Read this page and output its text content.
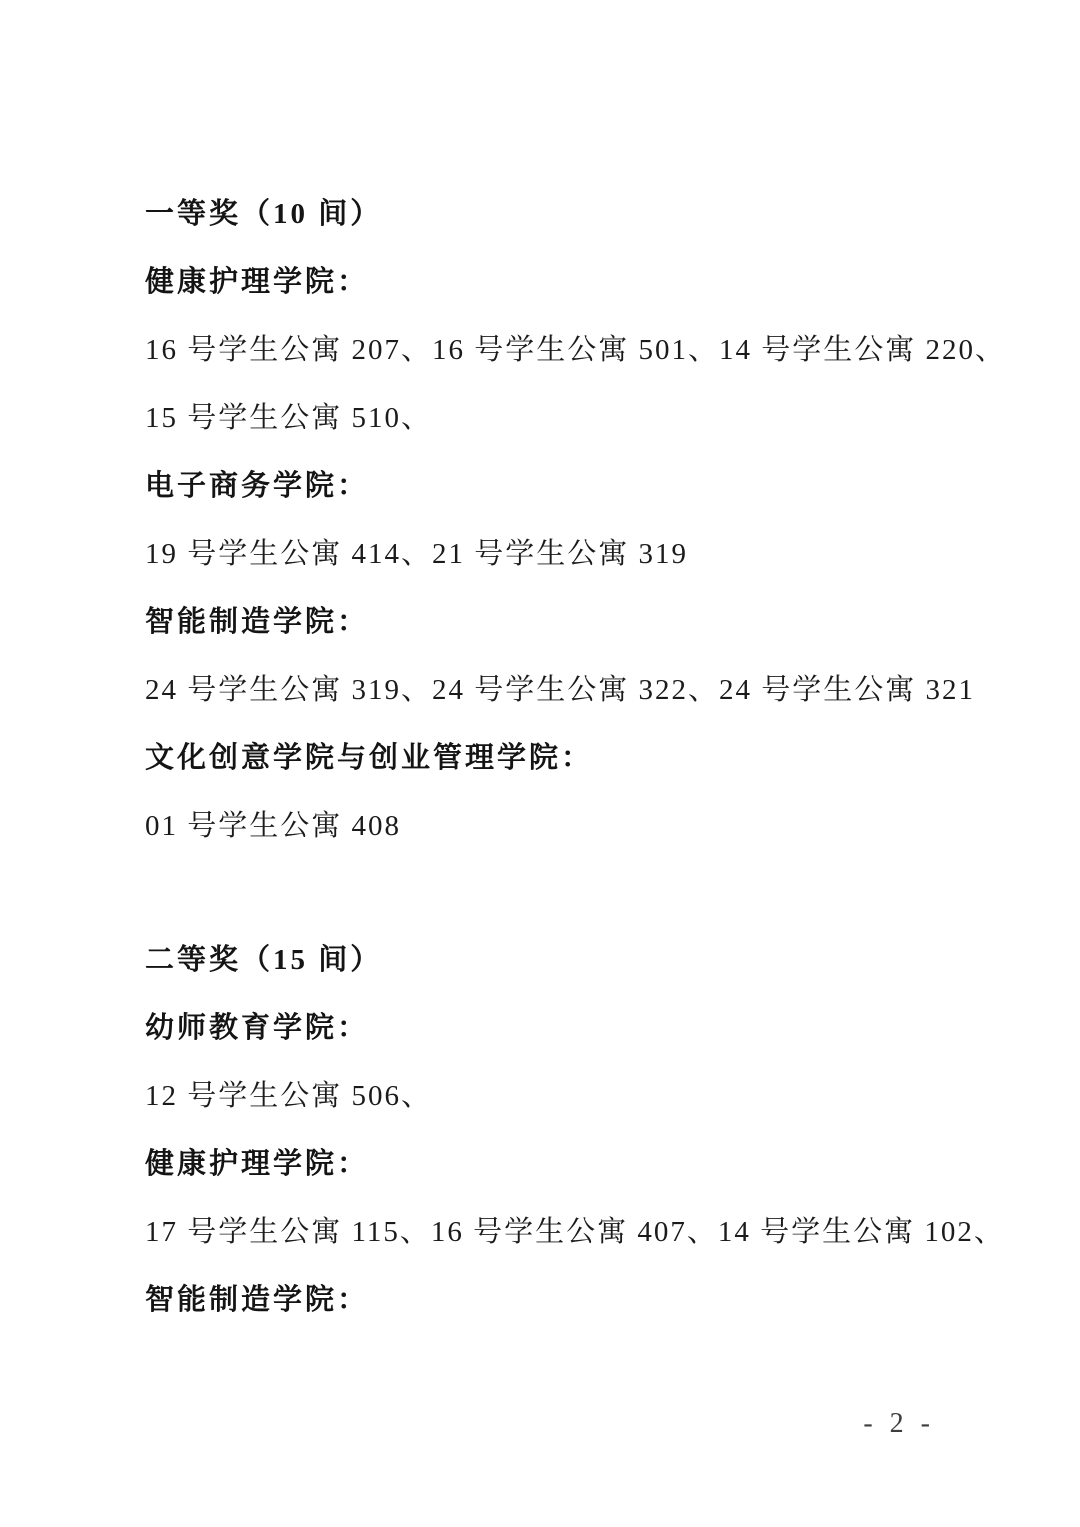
一等奖（10 间）

健康护理学院：

16 号学生公寓 207、16 号学生公寓 501、14 号学生公寓 220、

15 号学生公寓 510、

电子商务学院：

19 号学生公寓 414、21 号学生公寓 319

智能制造学院：

24 号学生公寓 319、24 号学生公寓 322、24 号学生公寓 321

文化创意学院与创业管理学院：

01 号学生公寓 408

二等奖（15 间）

幼师教育学院：

12 号学生公寓 506、

健康护理学院：

17 号学生公寓 115、16 号学生公寓 407、14 号学生公寓 102、

智能制造学院：

- 2 -
